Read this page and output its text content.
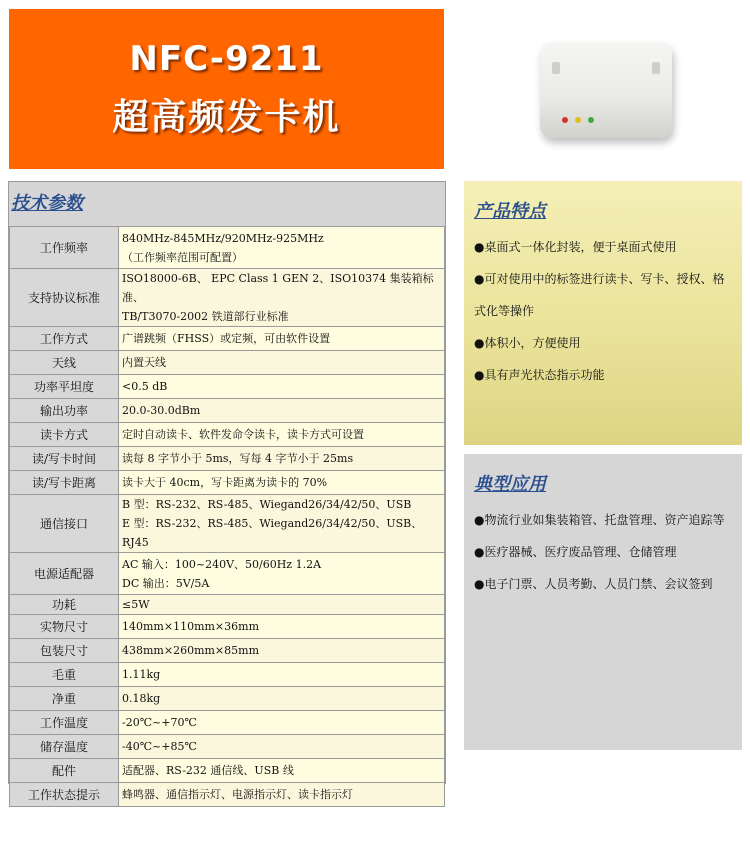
NFC-9211
超高频发卡机
技术参数
工作频率	840MHz-845MHz/920MHz-925MHz
（工作频率范围可配置）

支持协议标准	ISO18000-6B、 EPC Class 1 GEN 2、ISO10374 集装箱标准、
TB/T3070-2002 铁道部行业标准

工作方式	广谱跳频（FHSS）或定频，可由软件设置

天线	内置天线

功率平坦度	<0.5 dB

输出功率	20.0-30.0dBm

读卡方式	定时自动读卡、软件发命令读卡，读卡方式可设置

读/写卡时间	读每 8 字节小于 5ms，写每 4 字节小于 25ms

读/写卡距离	读卡大于 40cm，写卡距离为读卡的 70%

通信接口	B 型：RS-232、RS-485、Wiegand26/34/42/50、USB
E 型：RS-232、RS-485、Wiegand26/34/42/50、USB、RJ45

电源适配器	AC 输入：100~240V、50/60Hz 1.2A
DC 输出：5V/5A

功耗	≤5W

实物尺寸	140mm×110mm×36mm

包装尺寸	438mm×260mm×85mm

毛重	1.11kg

净重	0.18kg

工作温度	-20℃~+70℃

储存温度	-40℃~+85℃

配件	适配器、RS-232 通信线、USB 线

工作状态提示	蜂鸣器、通信指示灯、电源指示灯、读卡指示灯
产品特点
●桌面式一体化封装，便于桌面式使用
●可对使用中的标签进行读卡、写卡、授权、格式化等操作
●体积小，方便使用
●具有声光状态指示功能
典型应用
●物流行业如集装箱管、托盘管理、资产追踪等
●医疗器械、医疗废品管理、仓储管理
●电子门票、人员考勤、人员门禁、会议签到
